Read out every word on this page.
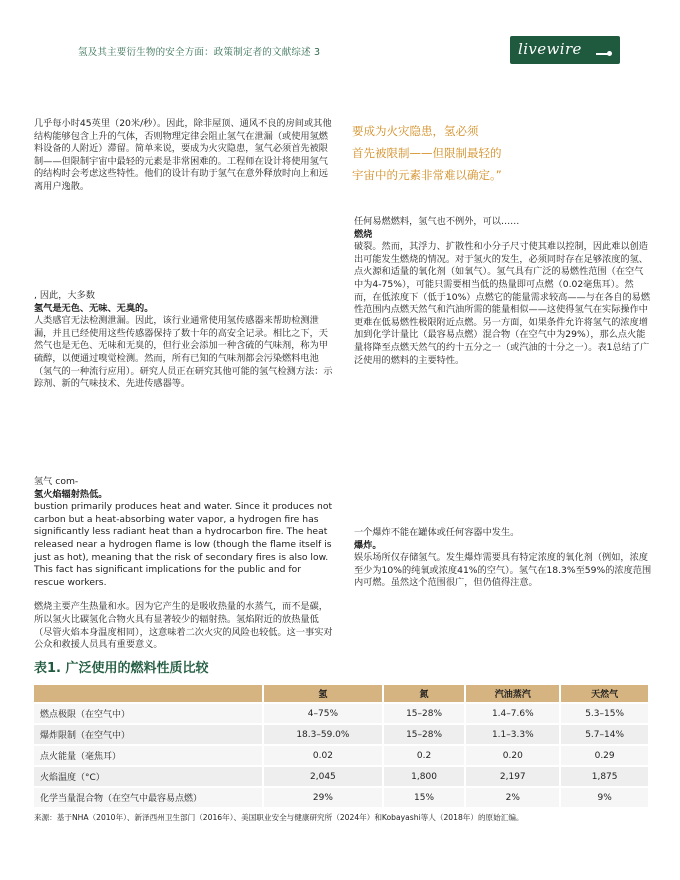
氢及其主要衍生物的安全方面：政策制定者的文献综述 3	livewire
几乎每小时45英里（20米/秒）。因此，除非屋顶、通风不良的房间或其他结构能够包含上升的气体，否则物理定律会阻止氢气在泄漏（或使用氢燃料设备的人附近）滞留。简单来说，要成为火灾隐患，氢气必须首先被限制——但限制宇宙中最轻的元素是非常困难的。工程师在设计将使用氢气的结构时会考虑这些特性。他们的设计有助于氢气在意外释放时向上和远离用户逸散。
, 因此，大多数
氢气是无色、无味、无臭的。
人类感官无法检测泄漏。因此，该行业通常使用氢传感器来帮助检测泄漏，并且已经使用这些传感器保持了数十年的高安全记录。相比之下，天然气也是无色、无味和无臭的，但行业会添加一种含硫的气味剂，称为甲硫醇，以便通过嗅觉检测。然而，所有已知的气味剂都会污染燃料电池（氢气的一种流行应用）。研究人员正在研究其他可能的氢气检测方法：示踪剂、新的气味技术、先进传感器等。
氢气 com-
氢火焰辐射热低。
bustion primarily produces heat and water. Since it produces not carbon but a heat-absorbing water vapor, a hydrogen fire has significantly less radiant heat than a hydrocarbon fire. The heat released near a hydrogen flame is low (though the flame itself is just as hot), meaning that the risk of secondary fires is also low. This fact has significant implications for the public and for rescue workers.
燃烧主要产生热量和水。因为它产生的是吸收热量的水蒸气，而不是碳，所以氢火比碳氢化合物火具有显著较少的辐射热。氢焰附近的放热量低（尽管火焰本身温度相同），这意味着二次火灾的风险也较低。这一事实对公众和救援人员具有重要意义。
要成为火灾隐患，氢必须
首先被限制——但限制最轻的
宇宙中的元素非常难以确定。”
任何易燃燃料，氢气也不例外，可以……
燃烧
破裂。然而，其浮力、扩散性和小分子尺寸使其难以控制，因此难以创造出可能发生燃烧的情况。对于氢火的发生，必须同时存在足够浓度的氢、点火源和适量的氧化剂（如氧气）。氢气具有广泛的易燃性范围（在空气中为4-75%），可能只需要相当低的热量即可点燃（0.02毫焦耳）。然而，在低浓度下（低于10%）点燃它的能量需求较高——与在各自的易燃性范围内点燃天然气和汽油所需的能量相似——这使得氢气在实际操作中更难在低易燃性极限附近点燃。另一方面，如果条件允许将氢气的浓度增加到化学计量比（最容易点燃）混合物（在空气中为29%），那么点火能量将降至点燃天然气的约十五分之一（或汽油的十分之一）。表1总结了广泛使用的燃料的主要特性。
一个爆炸不能在罐体或任何容器中发生。
爆炸。
娱乐场所仅存储氢气。发生爆炸需要具有特定浓度的氧化剂（例如，浓度至少为10%的纯氧或浓度41%的空气）。氢气在18.3%至59%的浓度范围内可燃。虽然这个范围很广，但仍值得注意。
表1. 广泛使用的燃料性质比较
	氢	氮	汽油蒸汽	天然气
燃点极限（在空气中）	4–75%	15–28%	1.4–7.6%	5.3–15%
爆炸限制（在空气中）	18.3–59.0%	15–28%	1.1–3.3%	5.7–14%
点火能量（毫焦耳）	0.02	0.2	0.20	0.29
火焰温度（°C）	2,045	1,800	2,197	1,875
化学当量混合物（在空气中最容易点燃）	29%	15%	2%	9%
来源：基于NHA（2010年）、新泽西州卫生部门（2016年）、美国职业安全与健康研究所（2024年）和Kobayashi等人（2018年）的原始汇编。
